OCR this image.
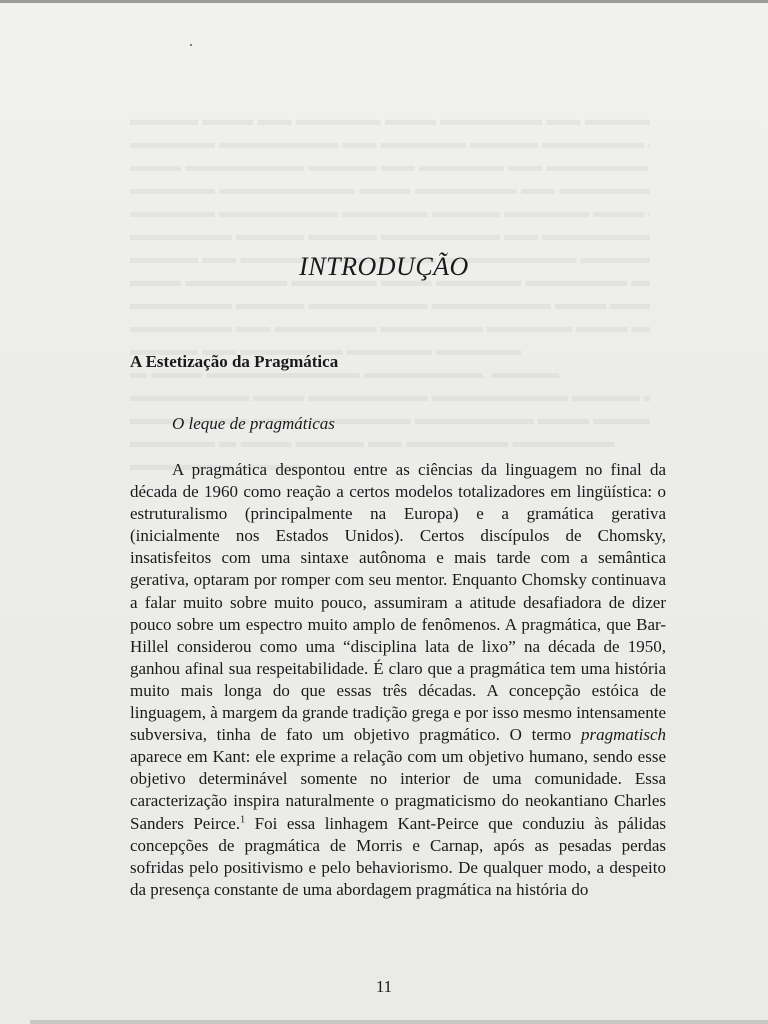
INTRODUÇÃO
A Estetização da Pragmática
O leque de pragmáticas

A pragmática despontou entre as ciências da linguagem no final da década de 1960 como reação a certos modelos totalizadores em lingüística: o estruturalismo (principalmente na Europa) e a gramática gerativa (inicialmente nos Estados Unidos). Certos discípulos de Chomsky, insatisfeitos com uma sintaxe autônoma e mais tarde com a semântica gerativa, optaram por romper com seu mentor. Enquanto Chomsky continuava a falar muito sobre muito pouco, assumiram a atitude desafiadora de dizer pouco sobre um espectro muito amplo de fenômenos. A pragmática, que Bar-Hillel considerou como uma “disciplina lata de lixo” na década de 1950, ganhou afinal sua respeitabilidade. É claro que a pragmática tem uma história muito mais longa do que essas três décadas. A concepção estóica de linguagem, à margem da grande tradição grega e por isso mesmo intensamente subversiva, tinha de fato um objetivo pragmático. O termo pragmatisch aparece em Kant: ele exprime a relação com um objetivo humano, sendo esse objetivo determinável somente no interior de uma comunidade. Essa caracterização inspira naturalmente o pragmaticismo do neokantiano Charles Sanders Peirce.$^1$ Foi essa linhagem Kant-Peirce que conduziu às pálidas concepções de pragmática de Morris e Carnap, após as pesadas perdas sofridas pelo positivismo e pelo behaviorismo. De qualquer modo, a despeito da presença constante de uma abordagem pragmática na história do

11
